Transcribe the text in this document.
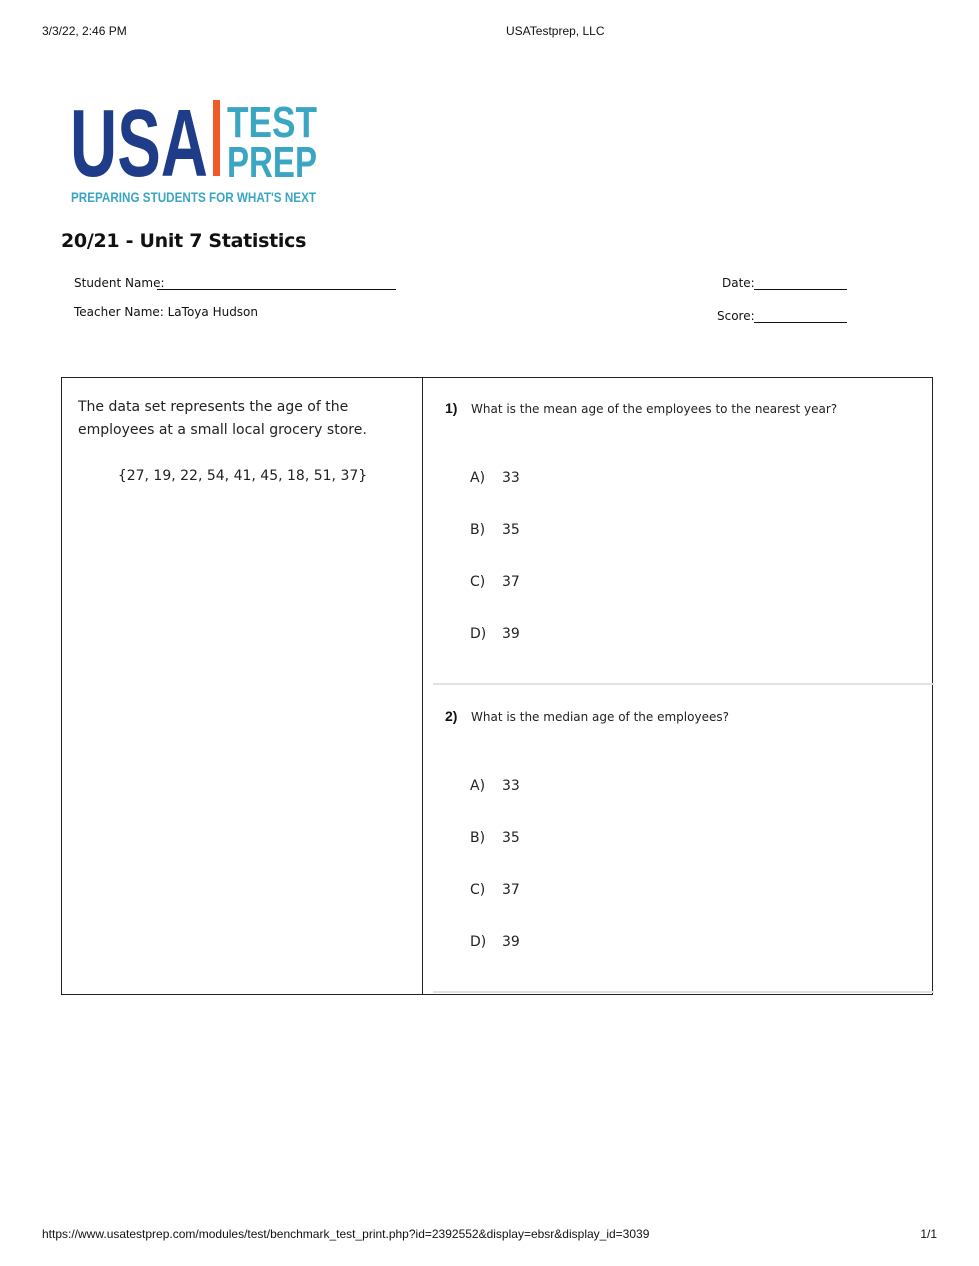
3/3/22, 2:46 PM	USATestprep, LLC
USA TEST
PREP
PREPARING STUDENTS FOR WHAT'S NEXT
20/21 - Unit 7 Statistics
Student Name:
Teacher Name: LaToya Hudson
Date:
Score:
The data set represents the age of the employees at a small local grocery store.
{27, 19, 22, 54, 41, 45, 18, 51, 37}
1) What is the mean age of the employees to the nearest year?
A) 33
B) 35
C) 37
D) 39
2) What is the median age of the employees?
A) 33
B) 35
C) 37
D) 39
https://www.usatestprep.com/modules/test/benchmark_test_print.php?id=2392552&display=ebsr&display_id=3039	1/1
